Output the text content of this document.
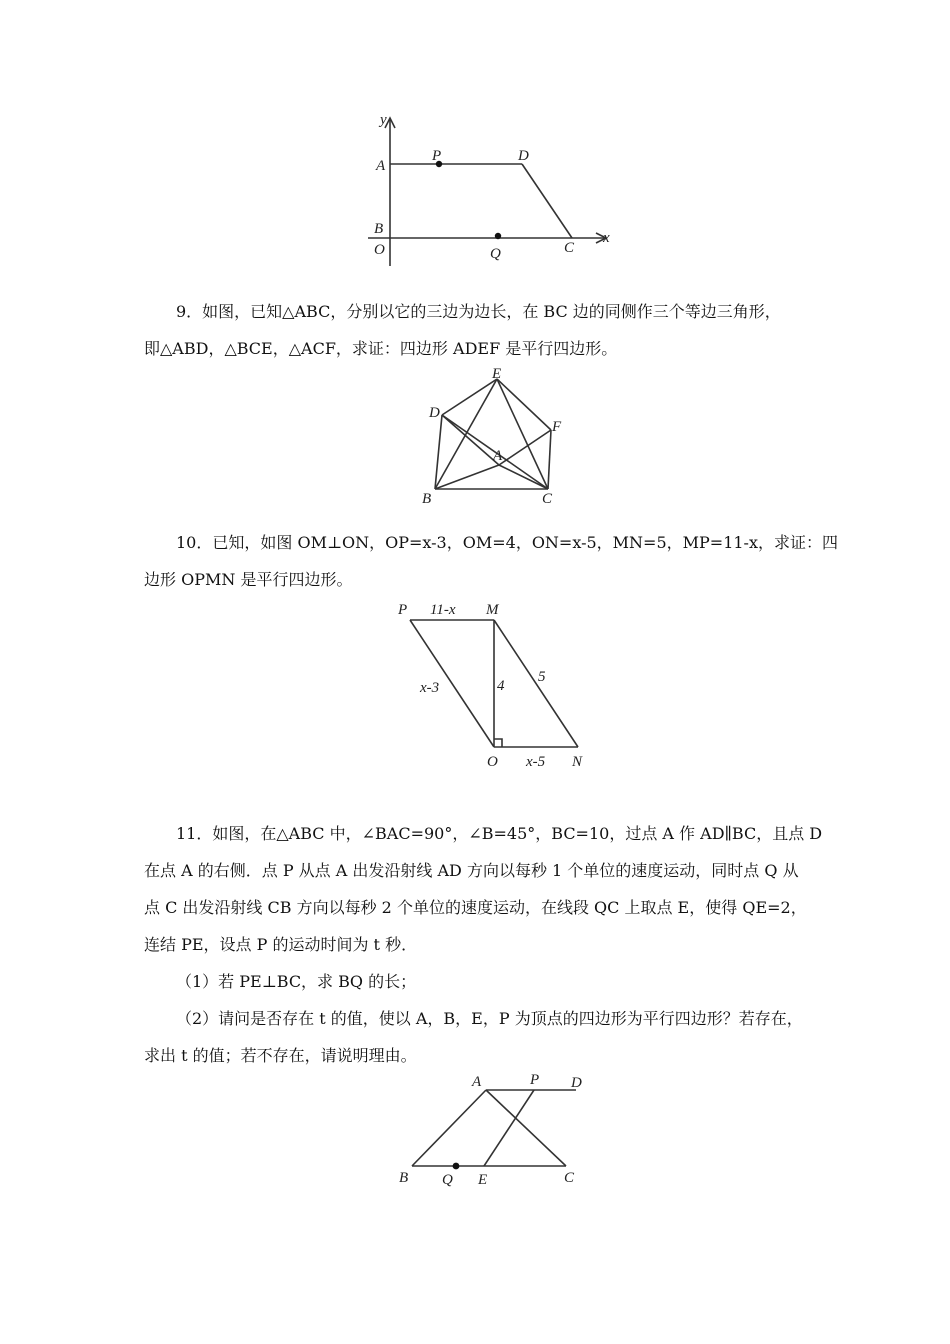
y
x
A
P	D
B
O	Q	C

9．如图，已知△ABC，分别以它的三边为边长，在 BC 边的同侧作三个等边三角形，
即△ABD，△BCE，△ACF，求证：四边形 ADEF 是平行四边形。

E
D
F
A
B	C

10．已知，如图 OM⊥ON，OP=x-3，OM=4，ON=x-5，MN=5，MP=11-x，求证：四
边形 OPMN 是平行四边形。

P	M
O	N
11-x
x-3	4
5
x-5

11．如图，在△ABC 中，∠BAC=90°，∠B=45°，BC=10，过点 A 作 AD∥BC，且点 D
在点 A 的右侧．点 P 从点 A 出发沿射线 AD 方向以每秒 1 个单位的速度运动，同时点 Q 从
点 C 出发沿射线 CB 方向以每秒 2 个单位的速度运动，在线段 QC 上取点 E，使得 QE=2，
连结 PE，设点 P 的运动时间为 t 秒．
（1）若 PE⊥BC，求 BQ 的长；
（2）请问是否存在 t 的值，使以 A，B，E，P 为顶点的四边形为平行四边形？若存在，
求出 t 的值；若不存在，请说明理由。

A	P D
B Q E	C
